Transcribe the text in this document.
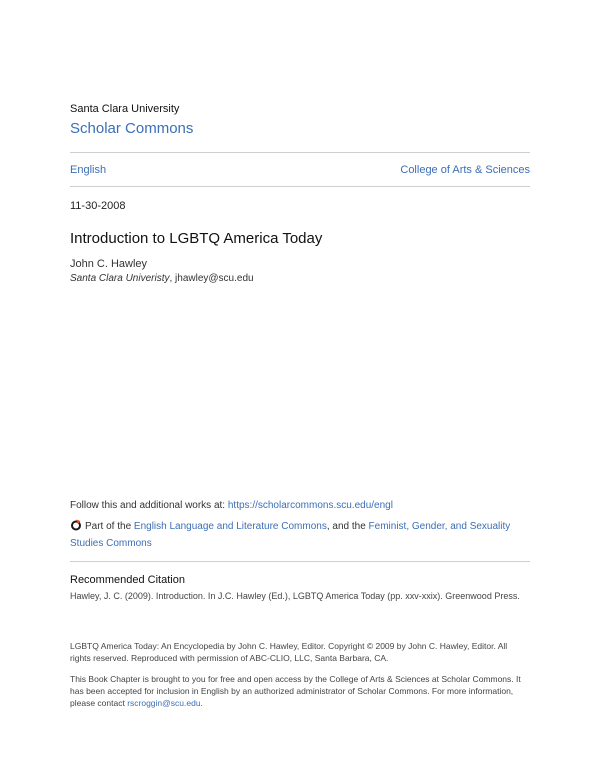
Santa Clara University
Scholar Commons
English	College of Arts & Sciences
11-30-2008
Introduction to LGBTQ America Today
John C. Hawley
Santa Clara Univeristy, jhawley@scu.edu
Follow this and additional works at: https://scholarcommons.scu.edu/engl
Part of the English Language and Literature Commons, and the Feminist, Gender, and Sexuality Studies Commons
Recommended Citation
Hawley, J. C. (2009). Introduction. In J.C. Hawley (Ed.), LGBTQ America Today (pp. xxv-xxix). Greenwood Press.
LGBTQ America Today: An Encyclopedia by John C. Hawley, Editor. Copyright © 2009 by John C. Hawley, Editor. All rights reserved. Reproduced with permission of ABC-CLIO, LLC, Santa Barbara, CA.
This Book Chapter is brought to you for free and open access by the College of Arts & Sciences at Scholar Commons. It has been accepted for inclusion in English by an authorized administrator of Scholar Commons. For more information, please contact rscroggin@scu.edu.
